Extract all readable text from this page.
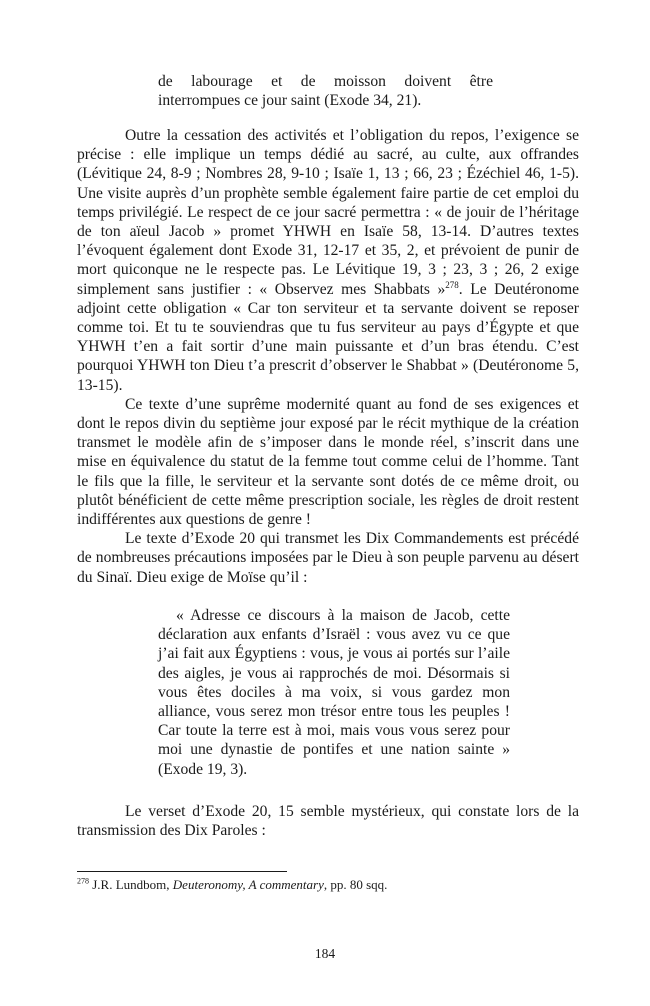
de labourage et de moisson doivent être

interrompues ce jour saint (Exode 34, 21).

Outre la cessation des activités et l’obligation du repos, l’exigence se précise : elle implique un temps dédié au sacré, au culte, aux offrandes (Lévitique 24, 8-9 ; Nombres 28, 9-10 ; Isaïe 1, 13 ; 66, 23 ; Ézéchiel 46, 1-5). Une visite auprès d’un prophète semble également faire partie de cet emploi du temps privilégié. Le respect de ce jour sacré permettra : « de jouir de l’héritage de ton aïeul Jacob » promet YHWH en Isaïe 58, 13-14. D’autres textes l’évoquent également dont Exode 31, 12-17 et 35, 2, et prévoient de punir de mort quiconque ne le respecte pas. Le Lévitique 19, 3 ; 23, 3 ; 26, 2 exige simplement sans justifier : « Observez mes Shabbats »$^{278}$. Le Deutéronome adjoint cette obligation « Car ton serviteur et ta servante doivent se reposer comme toi. Et tu te souviendras que tu fus serviteur au pays d’Égypte et que YHWH t’en a fait sortir d’une main puissante et d’un bras étendu. C’est pourquoi YHWH ton Dieu t’a prescrit d’observer le Shabbat » (Deutéronome 5, 13-15).

Ce texte d’une suprême modernité quant au fond de ses exigences et dont le repos divin du septième jour exposé par le récit mythique de la création transmet le modèle afin de s’imposer dans le monde réel, s’inscrit dans une mise en équivalence du statut de la femme tout comme celui de l’homme. Tant le fils que la fille, le serviteur et la servante sont dotés de ce même droit, ou plutôt bénéficient de cette même prescription sociale, les règles de droit restent indifférentes aux questions de genre !

Le texte d’Exode 20 qui transmet les Dix Commandements est précédé de nombreuses précautions imposées par le Dieu à son peuple parvenu au désert du Sinaï. Dieu exige de Moïse qu’il :

« Adresse ce discours à la maison de Jacob, cette déclaration aux enfants d’Israël : vous avez vu ce que j’ai fait aux Égyptiens : vous, je vous ai portés sur l’aile des aigles, je vous ai rapprochés de moi. Désormais si vous êtes dociles à ma voix, si vous gardez mon alliance, vous serez mon trésor entre tous les peuples ! Car toute la terre est à moi, mais vous vous serez pour moi une dynastie de pontifes et une nation sainte » (Exode 19, 3).

Le verset d’Exode 20, 15 semble mystérieux, qui constate lors de la transmission des Dix Paroles :

$^{278}$ J.R. Lundbom, Deuteronomy, A commentary, pp. 80 sqq.
184
